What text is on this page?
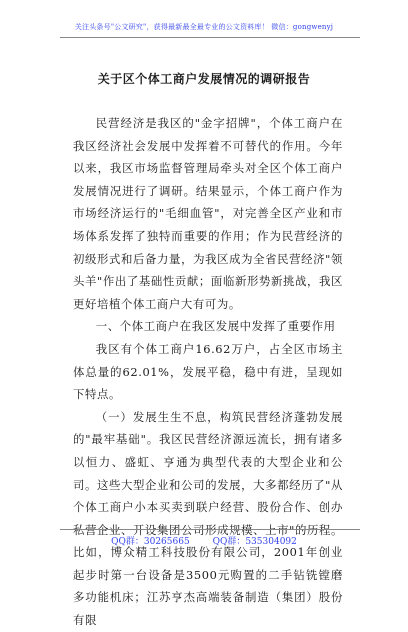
关注头条号"公文研究"，获得最新最全最专业的公文资料库！ 微信：gongwenyj
关于区个体工商户发展情况的调研报告

民营经济是我区的"金字招牌"，个体工商户在我区经济社会发展中发挥着不可替代的作用。今年以来，我区市场监督管理局牵头对全区个体工商户发展情况进行了调研。结果显示，个体工商户作为市场经济运行的"毛细血管"，对完善全区产业和市场体系发挥了独特而重要的作用；作为民营经济的初级形式和后备力量，为我区成为全省民营经济"领头羊"作出了基础性贡献；面临新形势新挑战，我区更好培植个体工商户大有可为。

一、个体工商户在我区发展中发挥了重要作用

我区有个体工商户16.62万户，占全区市场主体总量的62.01%，发展平稳，稳中有进，呈现如下特点。

（一）发展生生不息，构筑民营经济蓬勃发展的"最牢基础"。我区民营经济源远流长，拥有诸多以恒力、盛虹、亨通为典型代表的大型企业和公司。这些大型企业和公司的发展，大多都经历了"从个体工商户小本买卖到联户经营、股份合作、创办私营企业、开设集团公司形成规模、上市"的历程。比如，博众精工科技股份有限公司，2001年创业起步时第一台设备是3500元购置的二手钻铣镗磨多功能机床；江苏亨杰高端装备制造（集团）股份有限

QQ群：30265665	QQ群：535304092
